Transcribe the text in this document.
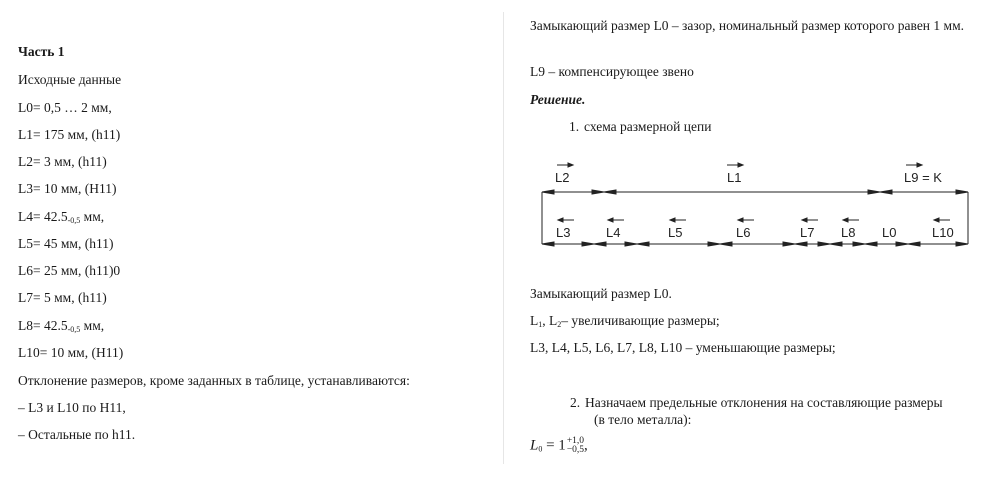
Часть 1
Исходные данные
L0= 0,5 … 2 мм,
L1= 175 мм, (h11)
L2= 3 мм, (h11)
L3= 10 мм, (H11)
$L4= 42.5_{-0,5}$ мм,
L5= 45 мм, (h11)
L6= 25 мм, (h11)0
L7= 5 мм, (h11)
$L8= 42.5_{-0,5}$ мм,
L10= 10 мм, (H11)
Отклонение размеров, кроме заданных в таблице, устанавливаются:
– L3 и L10 по H11,
– Остальные по h11.
Замыкающий размер L0 – зазор, номинальный размер которого равен 1 мм.
L9 – компенсирующее звено
Решение.
1. схема размерной цепи
L2	L1	L9 = K
L3	L4	L5	L6	L7 L8 L0	L10
Замыкающий размер L0.
$L_1$, $L_2-$ увеличивающие размеры;
L3, L4, L5, L6, L7, L8, L10 – уменьшающие размеры;
2. Назначаем предельные отклонения на составляющие размеры
(в тело металла):
$L_0 = 1 +1,0$
−0,5 ,
